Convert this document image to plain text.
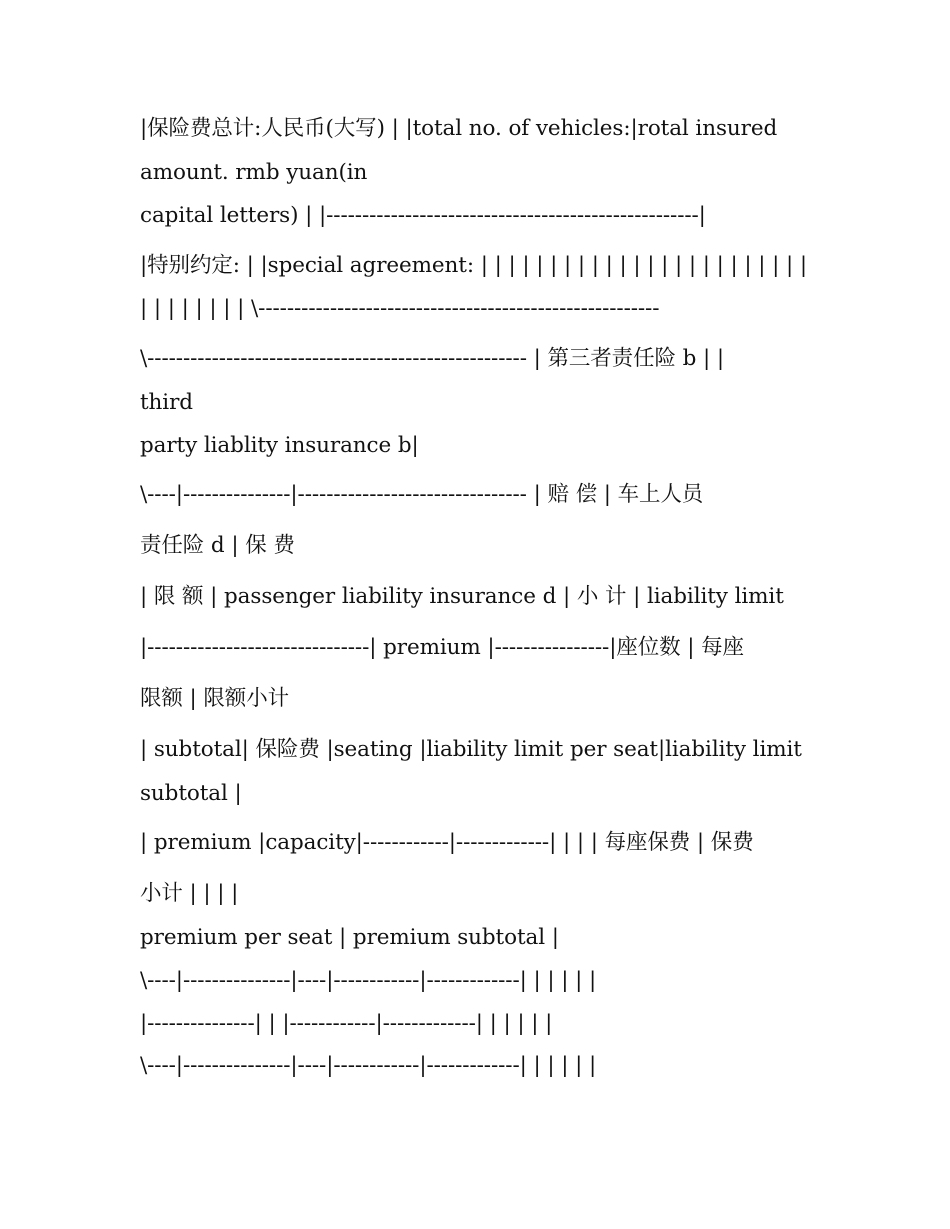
|保险费总计:人民币(大写) | |total no. of vehicles:|rotal insured
amount. rmb yuan(in
capital letters) | |----------------------------------------------------|
|特别约定: | |special agreement: | | | | | | | | | | | | | | | | | | | | | | | |
| | | | | | | | \--------------------------------------------------------
\----------------------------------------------------- | 第三者责任险 b | |
third
party liablity insurance b|
\----|---------------|-------------------------------- | 赔 偿 | 车上人员
责任险 d | 保 费
| 限 额 | passenger liability insurance d | 小 计 | liability limit
|-------------------------------| premium |----------------|座位数 | 每座
限额 | 限额小计
| subtotal| 保险费 |seating |liability limit per seat|liability limit
subtotal |
| premium |capacity|------------|-------------| | | | 每座保费 | 保费
小计 | | | |
premium per seat | premium subtotal |
\----|---------------|----|------------|-------------| | | | | |
|---------------| | |------------|-------------| | | | | |
\----|---------------|----|------------|-------------| | | | | |
